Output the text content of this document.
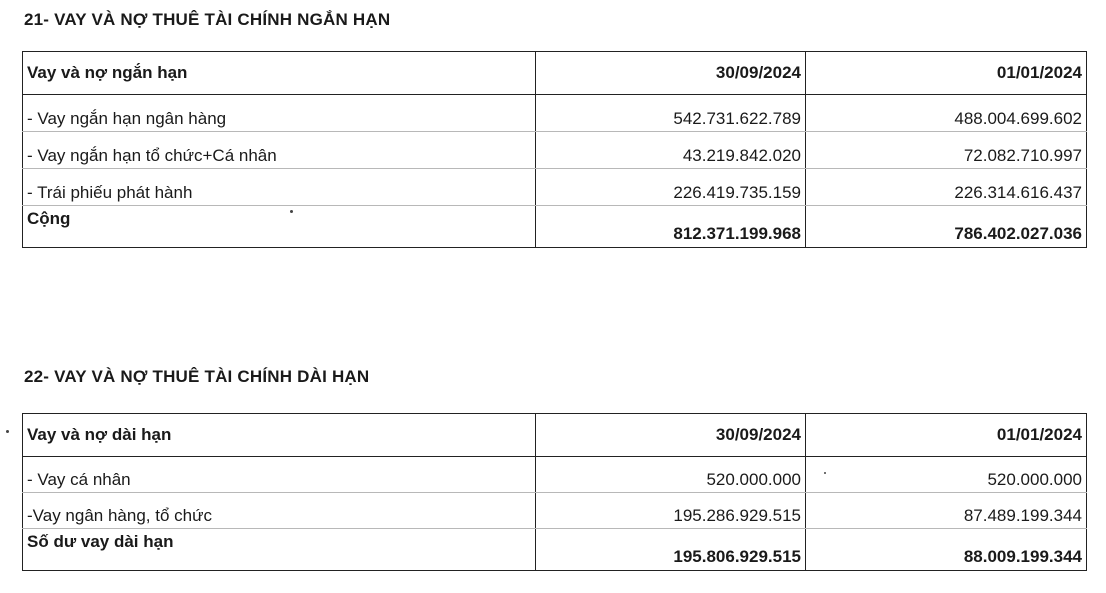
21- VAY VÀ NỢ THUÊ TÀI CHÍNH NGẮN HẠN
Vay và nợ ngắn hạn	30/09/2024	01/01/2024
- Vay ngắn hạn ngân hàng	542.731.622.789	488.004.699.602
- Vay ngắn hạn tổ chức+Cá nhân	43.219.842.020	72.082.710.997
- Trái phiếu phát hành	226.419.735.159	226.314.616.437
Cộng	812.371.199.968	786.402.027.036
22- VAY VÀ NỢ THUÊ TÀI CHÍNH DÀI HẠN
Vay và nợ dài hạn	30/09/2024	01/01/2024
- Vay cá nhân	520.000.000	520.000.000
-Vay ngân hàng, tổ chức	195.286.929.515	87.489.199.344
Số dư vay dài hạn	195.806.929.515	88.009.199.344
